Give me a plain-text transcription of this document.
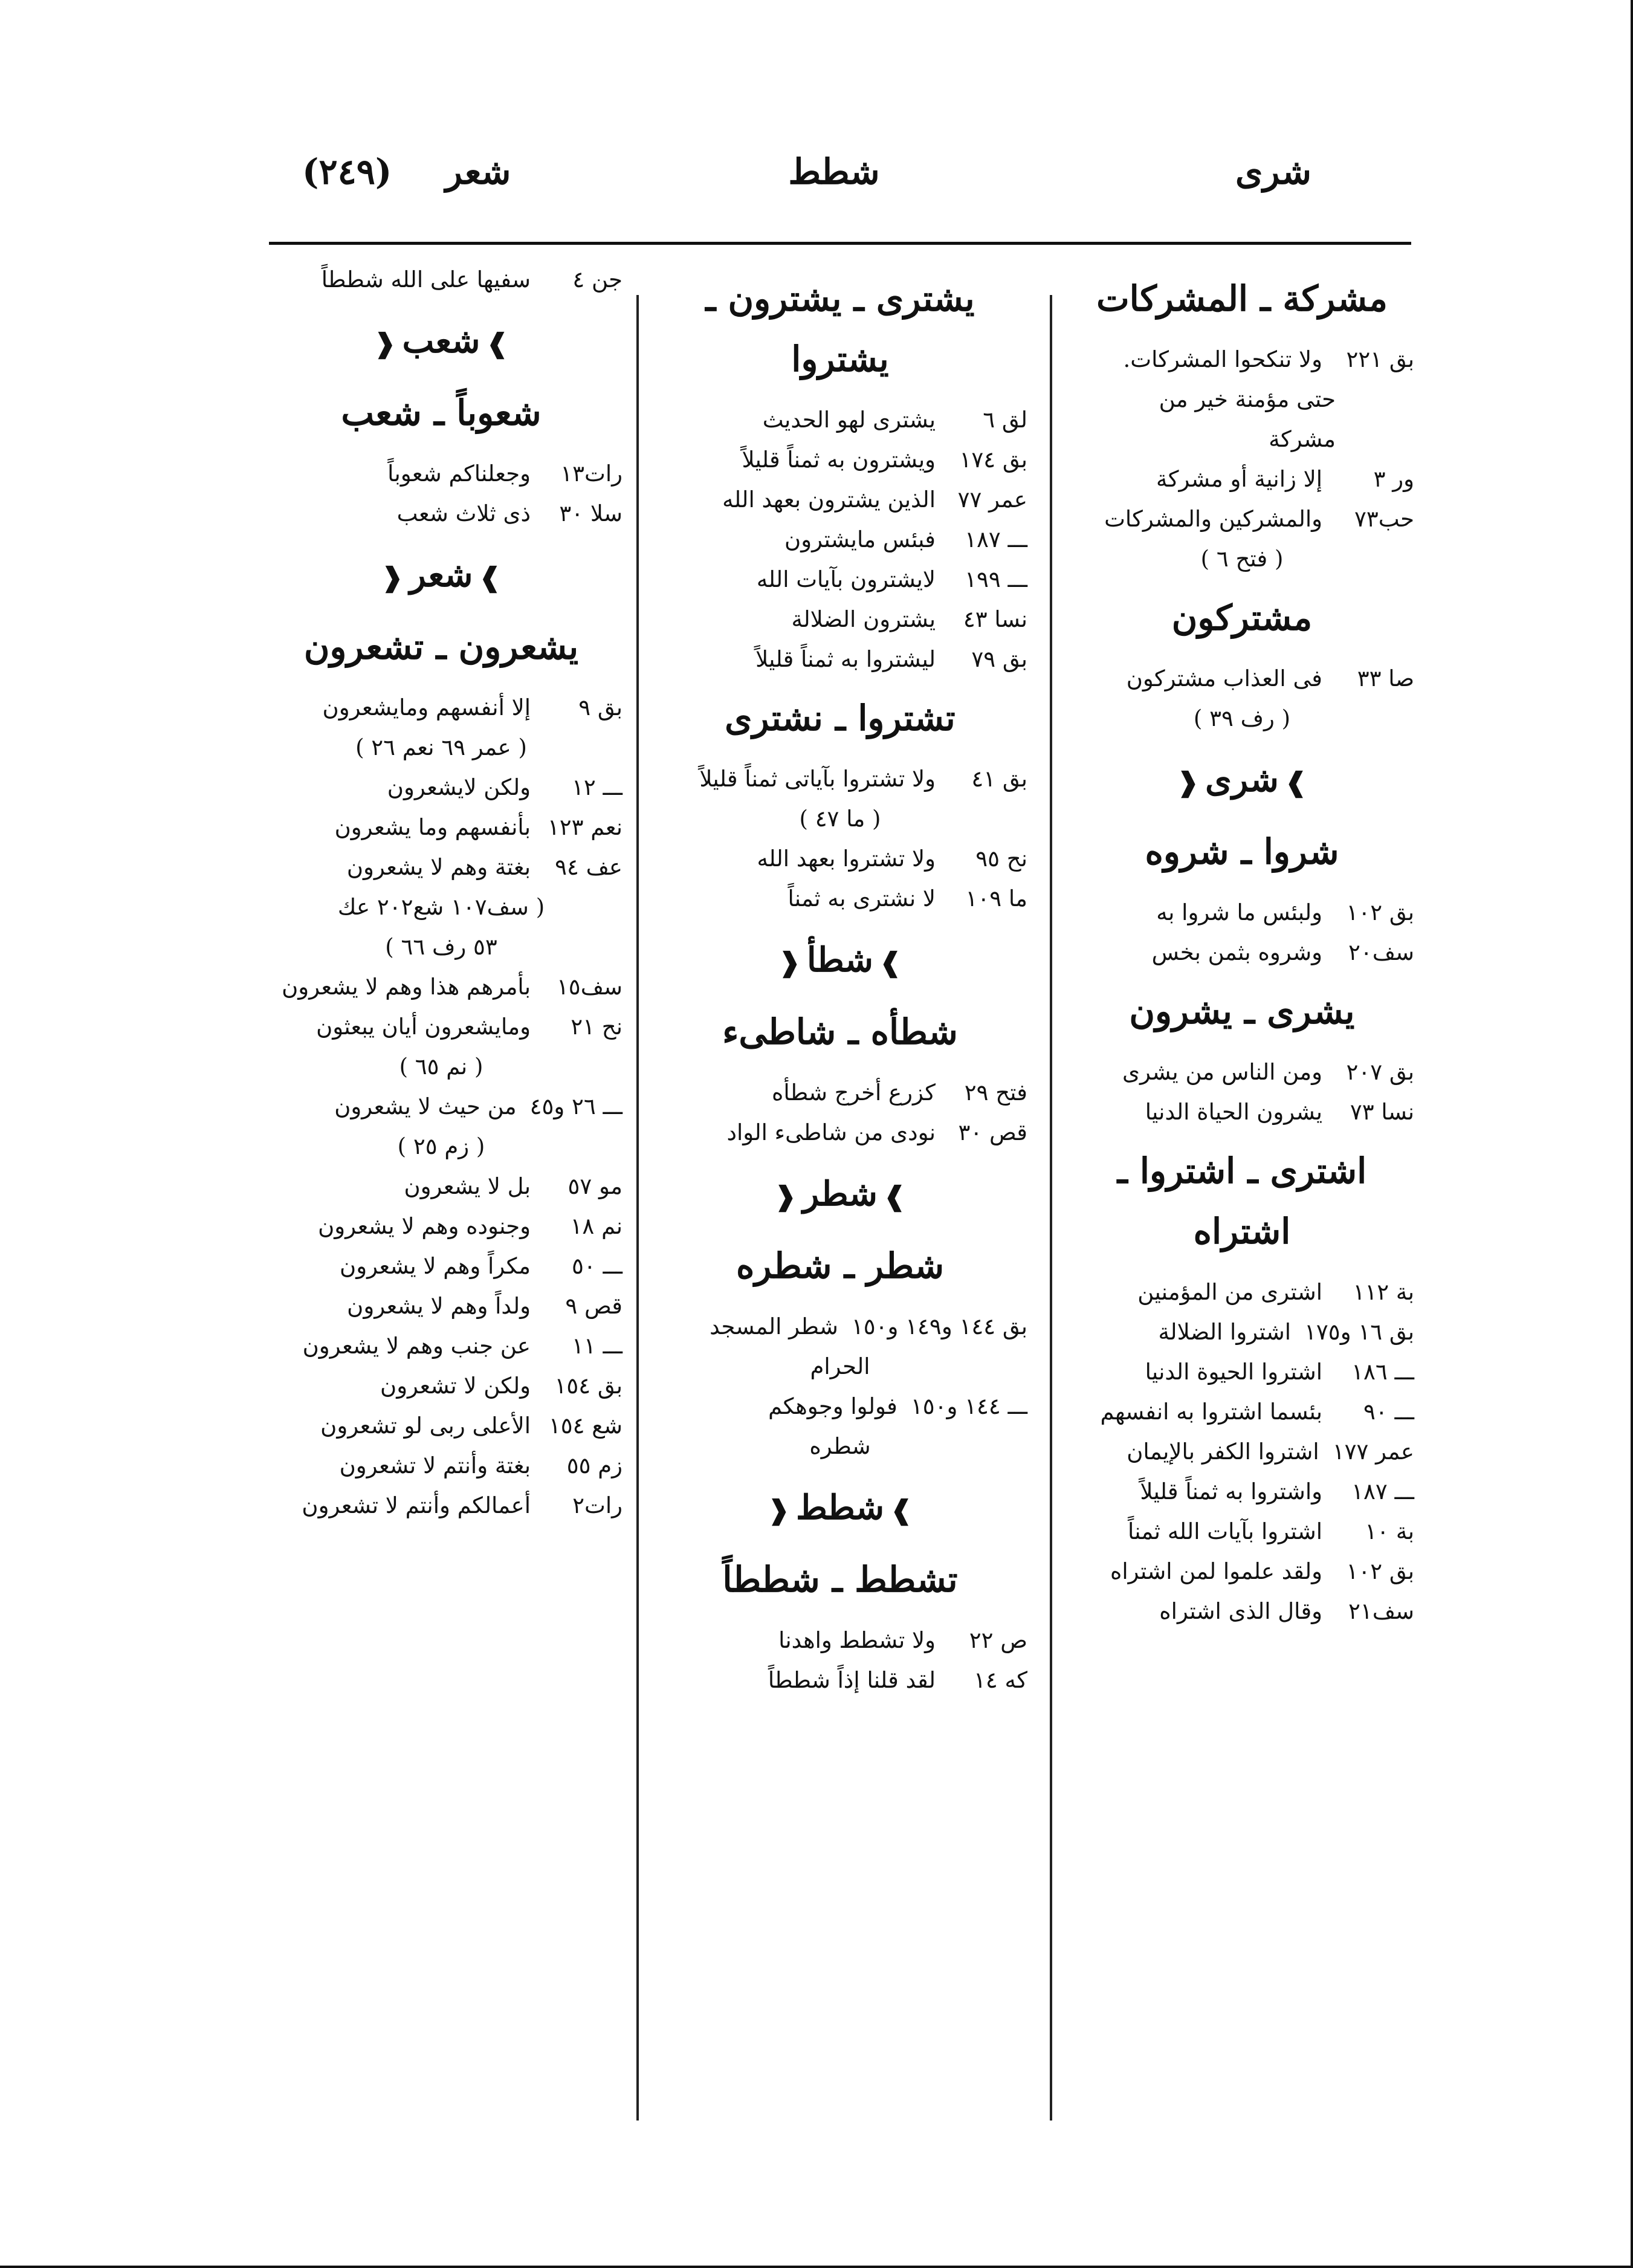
شرى
شطط
(٢٤٩) شعر
مشركة ـ المشركات
بق ٢٢١ولا تنكحوا المشركات.
حتى مؤمنة خير من
مشركة
ور ٣إلا زانية أو مشركة
حب٧٣والمشركين والمشركات
( فتح ٦ )
مشتركون
صا ٣٣فى العذاب مشتركون
( رف ٣٩ )
❱شرى❰
شروا ـ شروه
بق ١٠٢ولبئس ما شروا به
سف٢٠وشروه بثمن بخس
يشرى ـ يشرون
بق ٢٠٧ومن الناس من يشرى
نسا ٧٣يشرون الحياة الدنيا
اشترى ـ اشتروا ـ اشتراه
بة ١١٢اشترى من المؤمنين
بق ١٦ و١٧٥اشتروا الضلالة
ـــ ١٨٦اشتروا الحيوة الدنيا
ـــ ٩٠بئسما اشتروا به انفسهم
عمر ١٧٧اشتروا الكفر بالإيمان
ـــ ١٨٧واشتروا به ثمناً قليلاً
بة ١٠اشتروا بآيات الله ثمناً
بق ١٠٢ولقد علموا لمن اشتراه
سف٢١وقال الذى اشتراه
يشترى ـ يشترون ـ يشتروا
لق ٦يشترى لهو الحديث
بق ١٧٤ويشترون به ثمناً قليلاً
عمر ٧٧الذين يشترون بعهد الله
ـــ ١٨٧فبئس مايشترون
ـــ ١٩٩لايشترون بآيات الله
نسا ٤٣يشترون الضلالة
بق ٧٩ليشتروا به ثمناً قليلاً
تشتروا ـ نشترى
بق ٤١ولا تشتروا بآياتى ثمناً قليلاً
( ما ٤٧ )
نح ٩٥ولا تشتروا بعهد الله
ما ١٠٩لا نشترى به ثمناً
❱شطأ❰
شطأه ـ شاطىء
فتح ٢٩كزرع أخرج شطأه
قص ٣٠نودى من شاطىء الواد
❱شطر❰
شطر ـ شطره
بق ١٤٤ و١٤٩ و١٥٠شطر المسجد
الحرام
ـــ ١٤٤ و١٥٠فولوا وجوهكم
شطره
❱شطط❰
تشطط ـ شططاً
ص ٢٢ولا تشطط واهدنا
كه ١٤لقد قلنا إذاً شططاً
جن ٤سفيها على الله شططاً
❱شعب❰
شعوباً ـ شعب
رات١٣وجعلناكم شعوباً
سلا ٣٠ذى ثلاث شعب
❱شعر❰
يشعرون ـ تشعرون
بق ٩إلا أنفسهم ومايشعرون
( عمر ٦٩ نعم ٢٦ )
ـــ ١٢ولكن لايشعرون
نعم ١٢٣بأنفسهم وما يشعرون
عف ٩٤بغتة وهم لا يشعرون
( سف١٠٧ شع٢٠٢ عك
٥٣ رف ٦٦ )
سف١٥بأمرهم هذا وهم لا يشعرون
نح ٢١ومايشعرون أيان يبعثون
( نم ٦٥ )
ـــ ٢٦ و٤٥من حيث لا يشعرون
( زم ٢٥ )
مو ٥٧بل لا يشعرون
نم ١٨وجنوده وهم لا يشعرون
ـــ ٥٠مكراً وهم لا يشعرون
قص ٩ولداً وهم لا يشعرون
ـــ ١١عن جنب وهم لا يشعرون
بق ١٥٤ولكن لا تشعرون
شع ١٥٤الأعلى ربى لو تشعرون
زم ٥٥بغتة وأنتم لا تشعرون
رات٢أعمالكم وأنتم لا تشعرون
